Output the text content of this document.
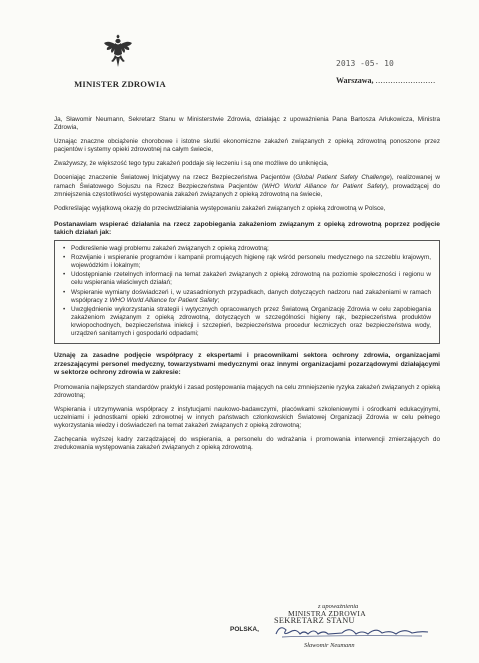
MINISTER ZDROWIA
2013 -05- 10
Warszawa, ........................

Ja, Sławomir Neumann, Sekretarz Stanu w Ministerstwie Zdrowia, działając z upoważnienia Pana Bartosza Arłukowicza, Ministra Zdrowia,

Uznając znaczne obciążenie chorobowe i istotne skutki ekonomiczne zakażeń związanych z opieką zdrowotną ponoszone przez pacjentów i systemy opieki zdrowotnej na całym świecie,

Zważywszy, że większość tego typu zakażeń poddaje się leczeniu i są one możliwe do uniknięcia,

Doceniając znaczenie Światowej Inicjatywy na rzecz Bezpieczeństwa Pacjentów (Global Patient Safety Challenge), realizowanej w ramach Światowego Sojuszu na Rzecz Bezpieczeństwa Pacjentów (WHO World Alliance for Patient Safety), prowadzącej do zmniejszenia częstotliwości występowania zakażeń związanych z opieką zdrowotną na świecie,

Podkreślając wyjątkową okazję do przeciwdziałania występowaniu zakażeń związanych z opieką zdrowotną w Polsce,

Postanawiam wspierać działania na rzecz zapobiegania zakażeniom związanym z opieką zdrowotną poprzez podjęcie takich działań jak:

• Podkreślenie wagi problemu zakażeń związanych z opieką zdrowotną;
• Rozwijanie i wspieranie programów i kampanii promujących higienę rąk wśród personelu medycznego na szczeblu krajowym, wojewódzkim i lokalnym;
• Udostępnianie rzetelnych informacji na temat zakażeń związanych z opieką zdrowotną na poziomie społeczności i regionu w celu wspierania właściwych działań;
• Wspieranie wymiany doświadczeń i, w uzasadnionych przypadkach, danych dotyczących nadzoru nad zakażeniami w ramach współpracy z WHO World Alliance for Patient Safety;
• Uwzględnienie wykorzystania strategii i wytycznych opracowanych przez Światową Organizację Zdrowia w celu zapobiegania zakażeniom związanym z opieką zdrowotną, dotyczących w szczególności higieny rąk, bezpieczeństwa produktów krwiopochodnych, bezpieczeństwa iniekcji i szczepień, bezpieczeństwa procedur leczniczych oraz bezpieczeństwa wody, urządzeń sanitarnych i gospodarki odpadami;

Uznaję za zasadne podjęcie współpracy z ekspertami i pracownikami sektora ochrony zdrowia, organizacjami zrzeszającymi personel medyczny, towarzystwami medycznymi oraz innymi organizacjami pozarządowymi działającymi w sektorze ochrony zdrowia w zakresie:

Promowania najlepszych standardów praktyki i zasad postępowania mających na celu zmniejszenie ryzyka zakażeń związanych z opieką zdrowotną;

Wspierania i utrzymywania współpracy z instytucjami naukowo-badawczymi, placówkami szkoleniowymi i ośrodkami edukacyjnymi, uczelniami i jednostkami opieki zdrowotnej w innych państwach członkowskich Światowej Organizacji Zdrowia w celu pełnego wykorzystania wiedzy i doświadczeń na temat zakażeń związanych z opieką zdrowotną;

Zachęcania wyższej kadry zarządzającej do wspierania, a personelu do wdrażania i promowania interwencji zmierzających do zredukowania występowania zakażeń związanych z opieką zdrowotną.

z upoważnienia
MINISTRA ZDROWIA
SEKRETARZ STANU
POLSKA,
Sławomir Neumann
